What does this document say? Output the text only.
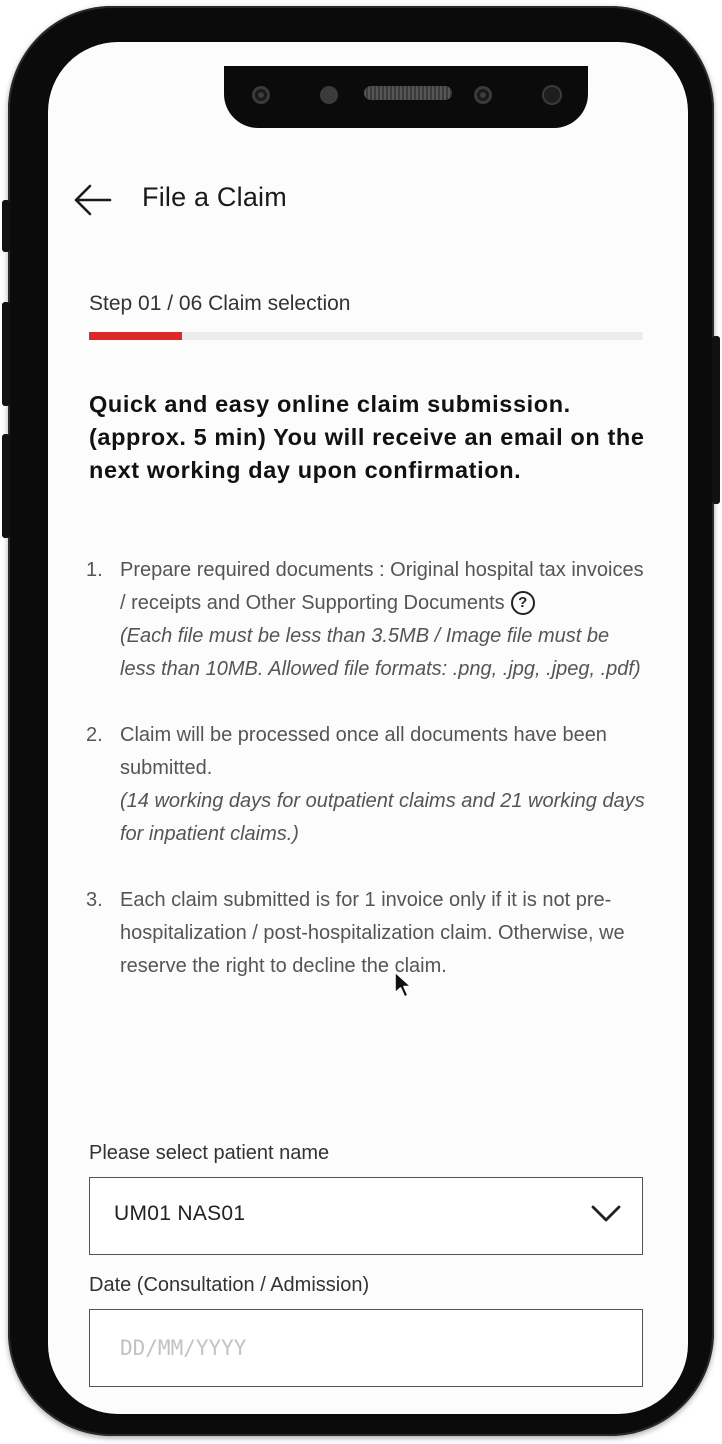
File a Claim
Step 01 / 06 Claim selection
Quick and easy online claim submission. (approx. 5 min) You will receive an email on the next working day upon confirmation.
1. Prepare required documents : Original hospital tax invoices / receipts and Other Supporting Documents ?
(Each file must be less than 3.5MB / Image file must be less than 10MB. Allowed file formats: .png, .jpg, .jpeg, .pdf)
2. Claim will be processed once all documents have been submitted.
(14 working days for outpatient claims and 21 working days for inpatient claims.)
3. Each claim submitted is for 1 invoice only if it is not pre-hospitalization / post-hospitalization claim. Otherwise, we reserve the right to decline the claim.
Please select patient name
UM01 NAS01
Date (Consultation / Admission)
DD/MM/YYYY
